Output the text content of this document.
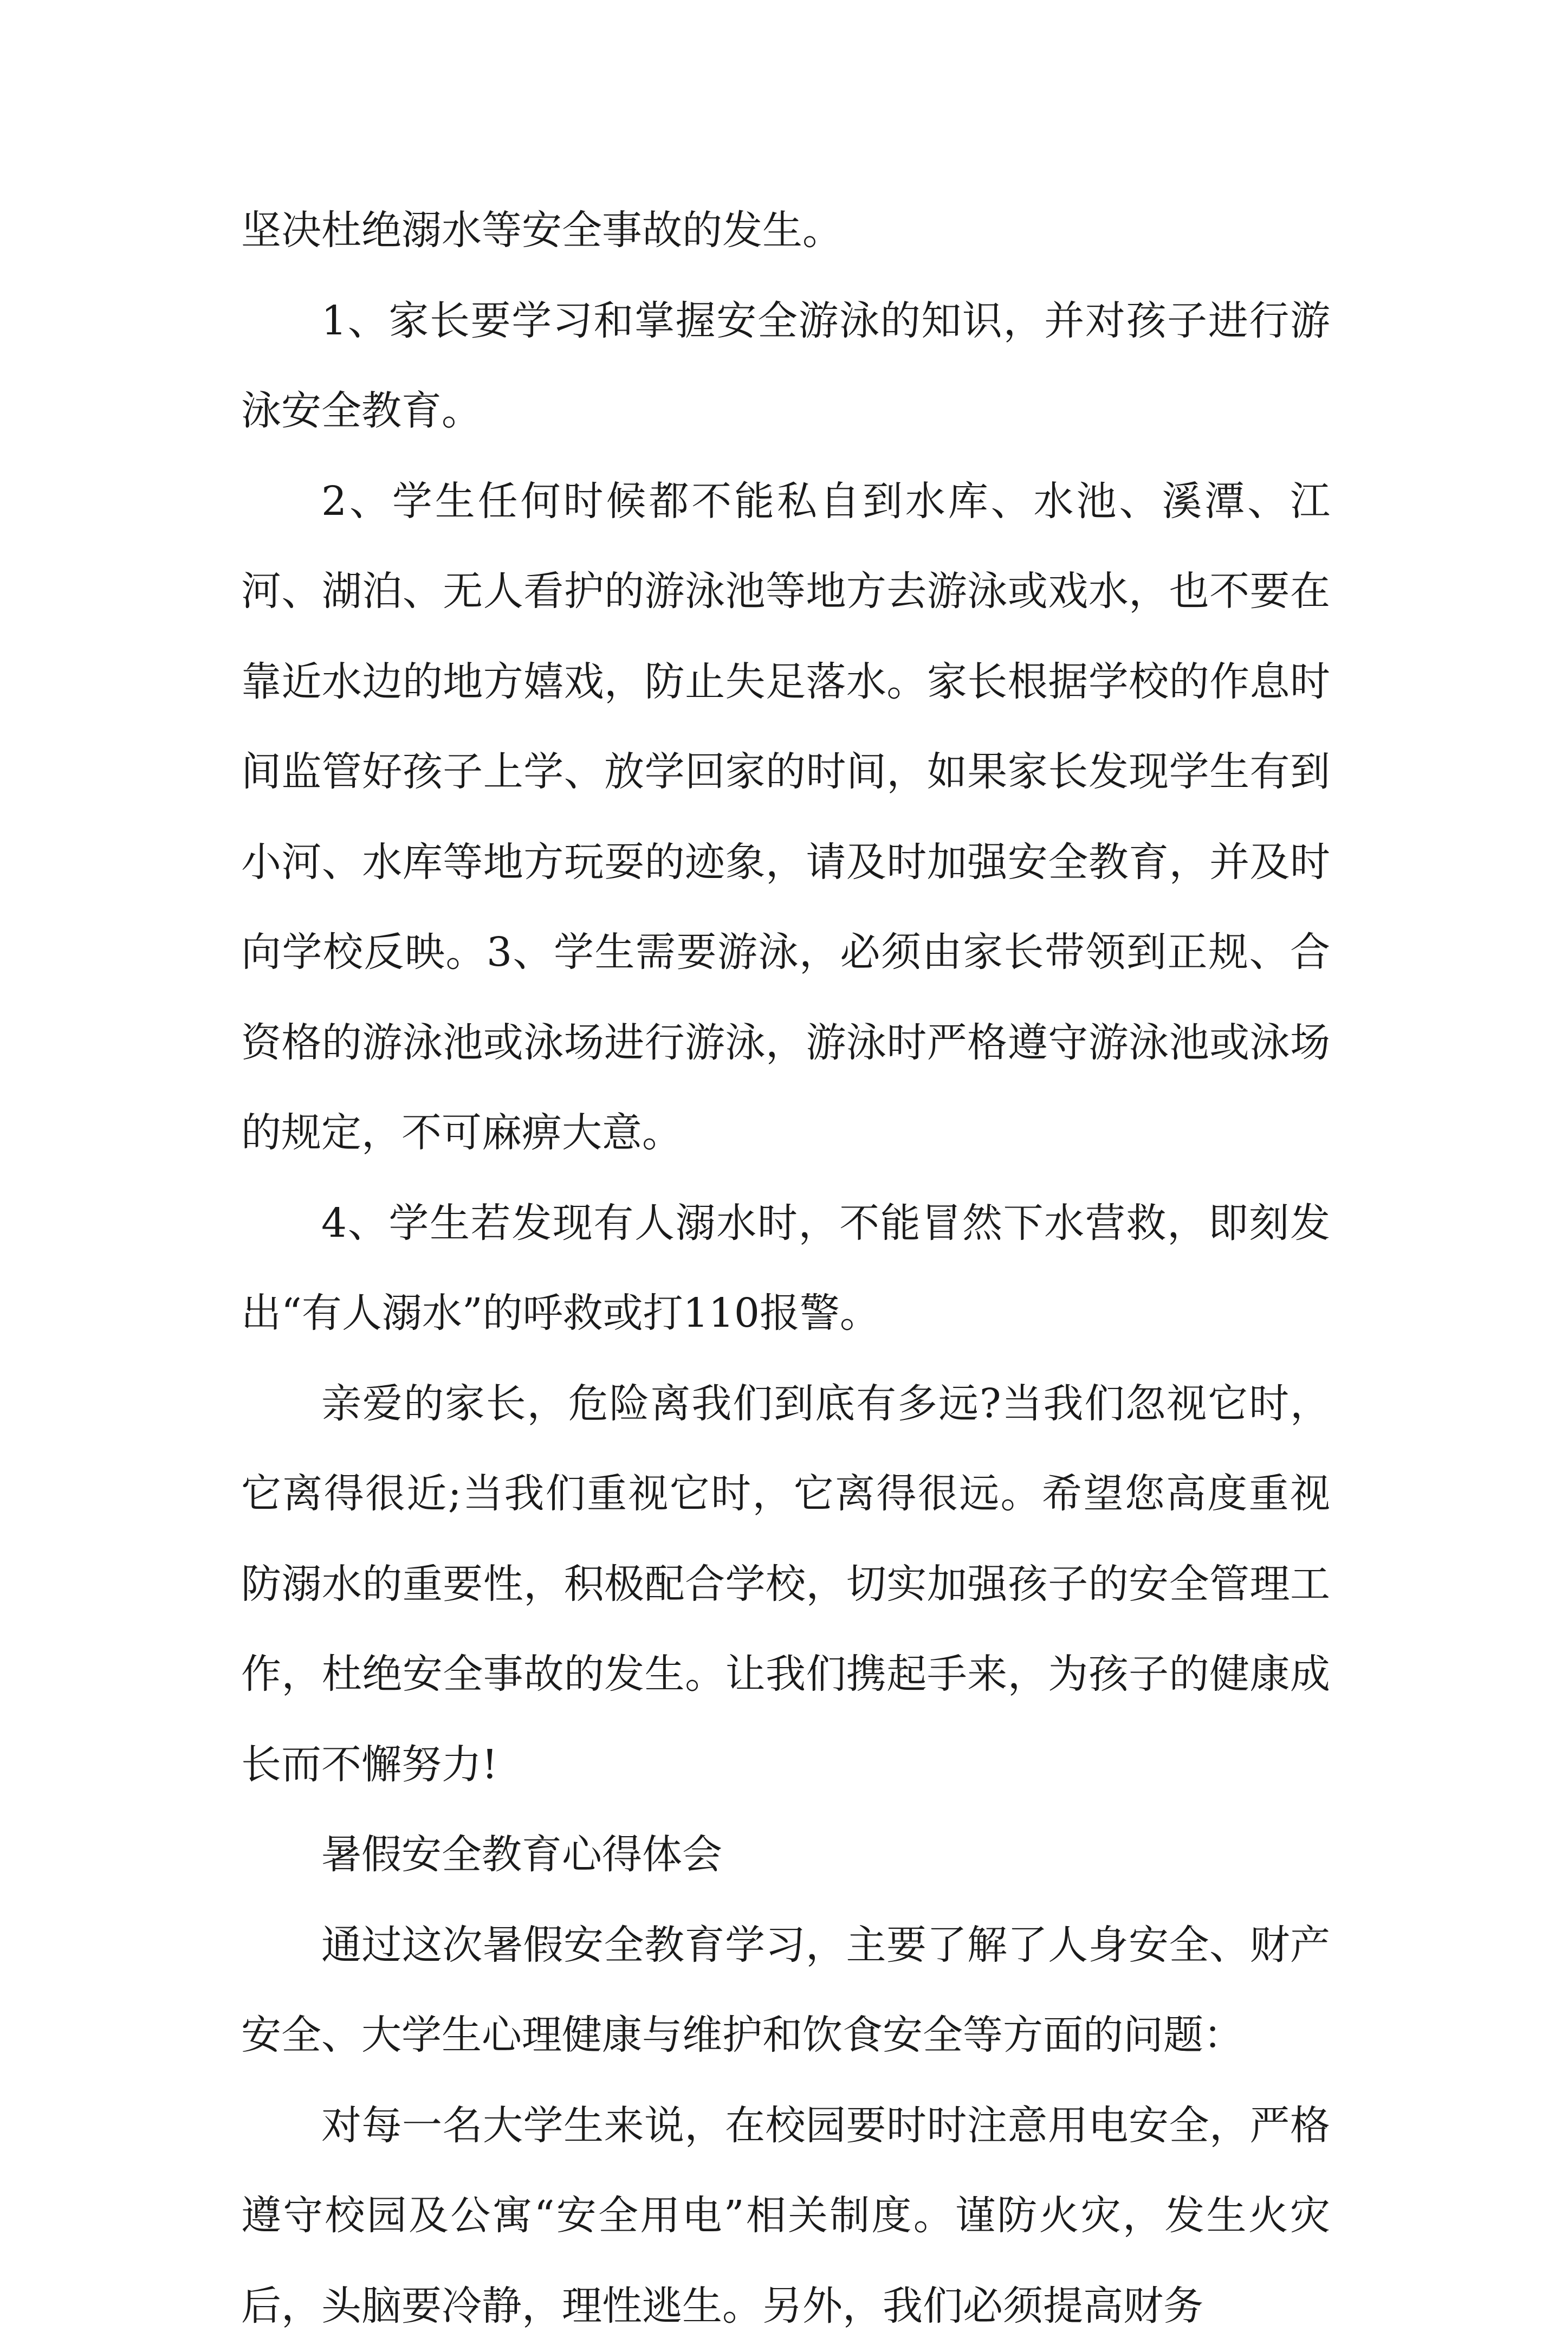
坚决杜绝溺水等安全事故的发生。

1、家长要学习和掌握安全游泳的知识，并对孩子进行游泳安全教育。

2、学生任何时候都不能私自到水库、水池、溪潭、江河、湖泊、无人看护的游泳池等地方去游泳或戏水，也不要在靠近水边的地方嬉戏，防止失足落水。家长根据学校的作息时间监管好孩子上学、放学回家的时间，如果家长发现学生有到小河、水库等地方玩耍的迹象，请及时加强安全教育，并及时向学校反映。3、学生需要游泳，必须由家长带领到正规、合资格的游泳池或泳场进行游泳，游泳时严格遵守游泳池或泳场的规定，不可麻痹大意。

4、学生若发现有人溺水时，不能冒然下水营救，即刻发出“有人溺水”的呼救或打110报警。

亲爱的家长，危险离我们到底有多远?当我们忽视它时，它离得很近;当我们重视它时，它离得很远。希望您高度重视防溺水的重要性，积极配合学校，切实加强孩子的安全管理工作，杜绝安全事故的发生。让我们携起手来，为孩子的健康成长而不懈努力!

暑假安全教育心得体会

通过这次暑假安全教育学习，主要了解了人身安全、财产安全、大学生心理健康与维护和饮食安全等方面的问题：

对每一名大学生来说，在校园要时时注意用电安全，严格遵守校园及公寓“安全用电”相关制度。谨防火灾，发生火灾后，头脑要冷静，理性逃生。另外，我们必须提高财务
